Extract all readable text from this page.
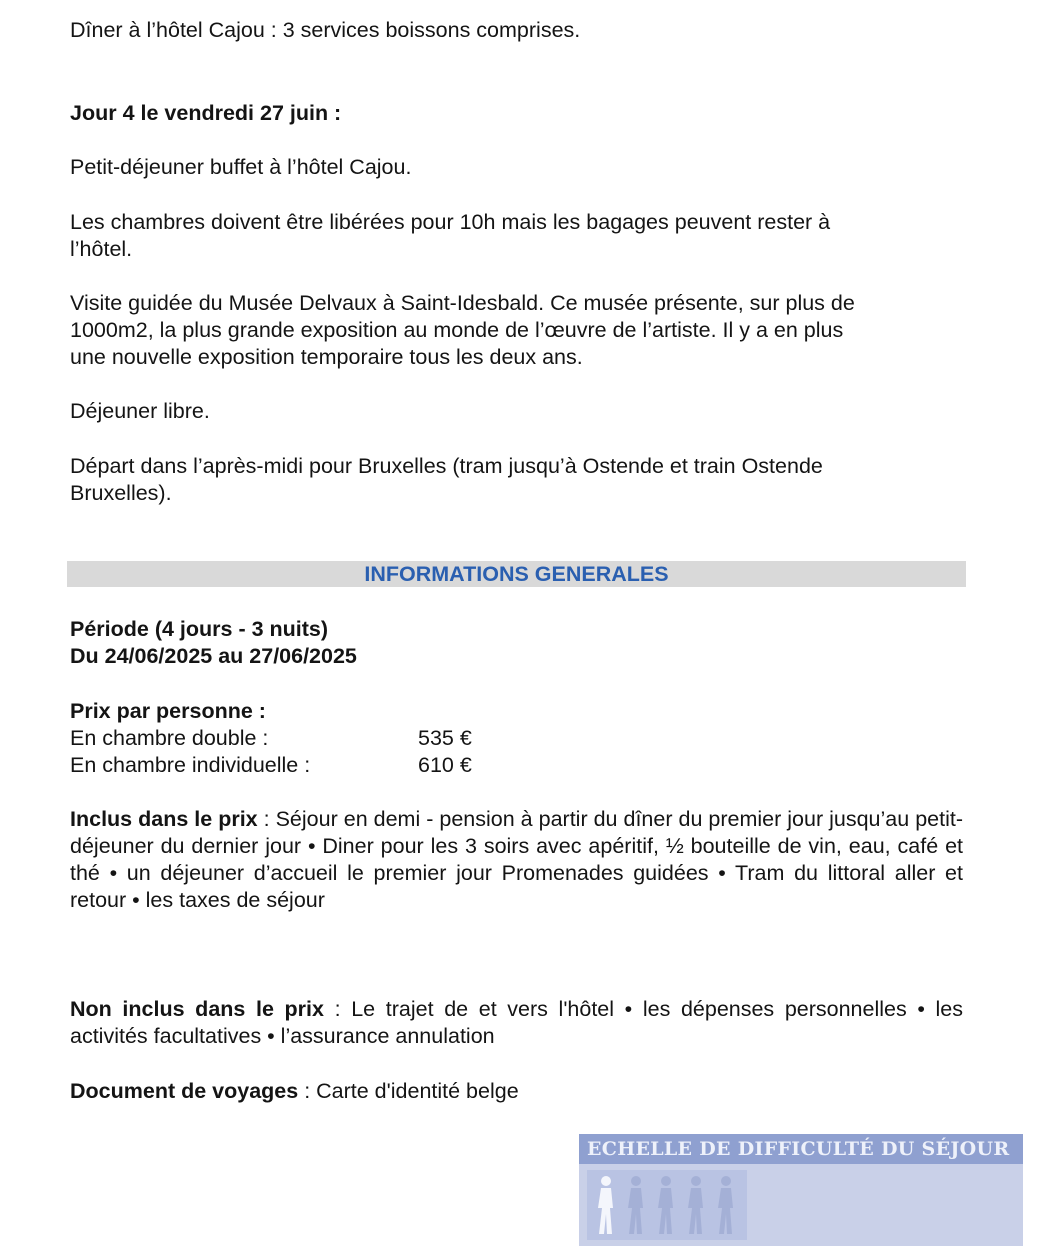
Dîner à l’hôtel Cajou : 3 services boissons comprises.

Jour 4 le vendredi 27 juin :

Petit-déjeuner buffet à l’hôtel Cajou.

Les chambres doivent être libérées pour 10h mais les bagages peuvent rester à

l’hôtel.

Visite guidée du Musée Delvaux à Saint-Idesbald. Ce musée présente, sur plus de

1000m2, la plus grande exposition au monde de l’œuvre de l’artiste. Il y a en plus

une nouvelle exposition temporaire tous les deux ans.

Déjeuner libre.

Départ dans l’après-midi pour Bruxelles (tram jusqu’à Ostende et train Ostende

Bruxelles).

INFORMATIONS GENERALES

Période (4 jours - 3 nuits)

Du 24/06/2025 au 27/06/2025

Prix par personne :

En chambre double :	535 €
En chambre individuelle :	610 €

Inclus dans le prix : Séjour en demi - pension à partir du dîner du premier jour jusqu’au petit-déjeuner du dernier jour • Diner pour les 3 soirs avec apéritif, ½ bouteille de vin, eau, café et thé • un déjeuner d’accueil le premier jour Promenades guidées • Tram du littoral aller et retour • les taxes de séjour

Non inclus dans le prix : Le trajet de et vers l'hôtel • les dépenses personnelles • les activités facultatives • l’assurance annulation

Document de voyages : Carte d'identité belge

ECHELLE DE DIFFICULTÉ DU SÉJOUR
